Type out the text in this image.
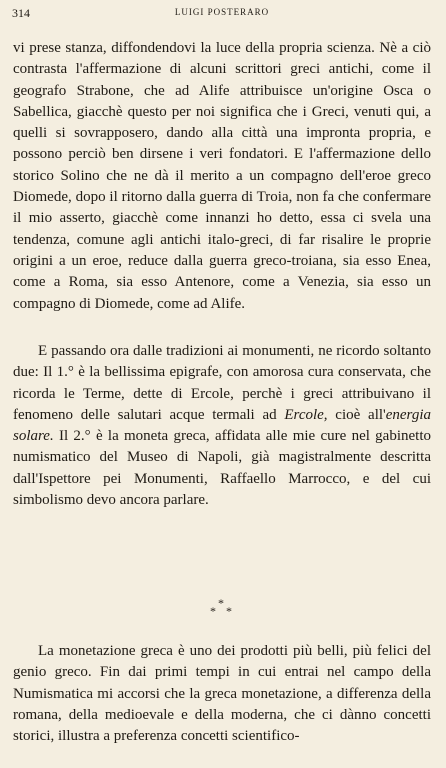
314	LUIGI POSTERARO

vi prese stanza, diffondendovi la luce della propria scienza. Nè a ciò contrasta l'affermazione di alcuni scrittori greci antichi, come il geografo Strabone, che ad Alife attribuisce un'origine Osca o Sabellica, giacchè questo per noi significa che i Greci, venuti qui, a quelli si sovrapposero, dando alla città una impronta propria, e possono perciò ben dirsene i veri fondatori. E l'affermazione dello storico Solino che ne dà il merito a un compagno dell'eroe greco Diomede, dopo il ritorno dalla guerra di Troia, non fa che confermare il mio asserto, giacchè come innanzi ho detto, essa ci svela una tendenza, comune agli antichi italo-greci, di far risalire le proprie origini a un eroe, reduce dalla guerra greco-troiana, sia esso Enea, come a Roma, sia esso Antenore, come a Venezia, sia esso un compagno di Diomede, come ad Alife.

E passando ora dalle tradizioni ai monumenti, ne ricordo soltanto due: Il 1.° è la bellissima epigrafe, con amorosa cura conservata, che ricorda le Terme, dette di Ercole, perchè i greci attribuivano il fenomeno delle salutari acque termali ad Ercole, cioè all'energia solare. Il 2.° è la moneta greca, affidata alle mie cure nel gabinetto numismatico del Museo di Napoli, già magistralmente descritta dall'Ispettore pei Monumenti, Raffaello Marrocco, e del cui simbolismo devo ancora parlare.

*
* *

La monetazione greca è uno dei prodotti più belli, più felici del genio greco. Fin dai primi tempi in cui entrai nel campo della Numismatica mi accorsi che la greca monetazione, a differenza della romana, della medioevale e della moderna, che ci dànno concetti storici, illustra a preferenza concetti scientifico-
